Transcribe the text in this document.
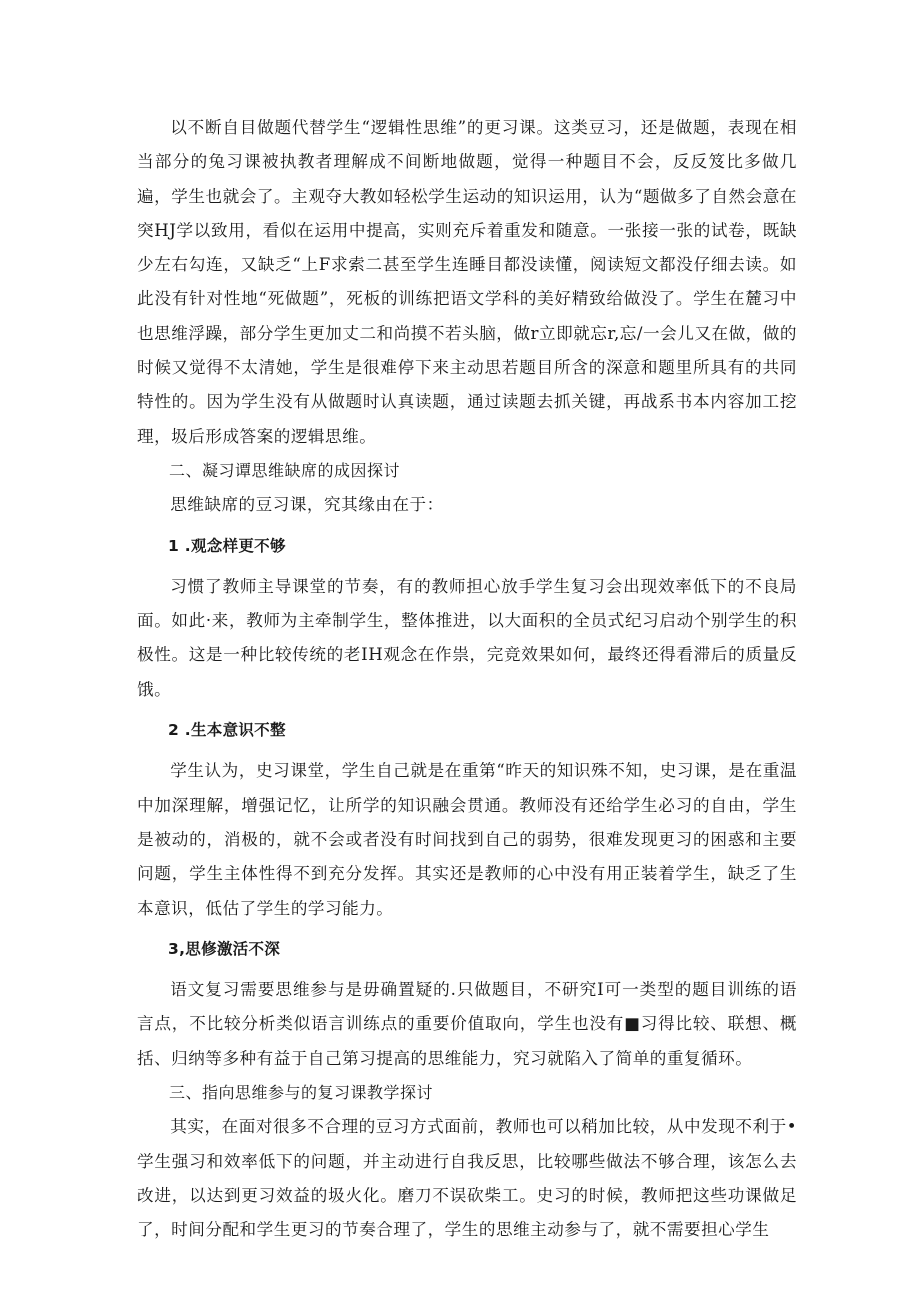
以不断自目做题代替学生“逻辑性思维”的更习课。这类豆习，还是做题，表现在相当部分的兔习课被执教者理解成不间断地做题，觉得一种题目不会，反反笈比多做几遍，学生也就会了。主观夺大教如轻松学生运动的知识运用，认为“题做多了自然会意在突HJ学以致用，看似在运用中提高，实则充斥着重发和随意。一张接一张的试卷，既缺少左右勾连，又缺乏“上F求索二甚至学生连睡目都没读懂，阅读短文都没仔细去读。如此没有针对性地“死做题”，死板的训练把语文学科的美好精致给做没了。学生在麓习中也思维浮躁，部分学生更加丈二和尚摸不若头脑，做r立即就忘r,忘/一会儿又在做，做的时候又觉得不太清她，学生是很难停下来主动思若题目所含的深意和题里所具有的共同特性的。因为学生没有从做题时认真读题，通过读题去抓关键，再战系书本内容加工挖理，圾后形成答案的逻辑思维。

二、凝习谭思维缺席的成因探讨

思维缺席的豆习课，究其缘由在于：

1 .观念样更不够

习惯了教师主导课堂的节奏，有的教师担心放手学生复习会出现效率低下的不良局面。如此·来，教师为主牵制学生，整体推进，以大面积的全员式纪习启动个别学生的积极性。这是一种比较传统的老IH观念在作祟，完竞效果如何，最终还得看滞后的质量反饿。

2 .生本意识不整

学生认为，史习课堂，学生自己就是在重第“昨天的知识殊不知，史习课，是在重温中加深理解，增强记忆，让所学的知识融会贯通。教师没有还给学生必习的自由，学生是被动的，消极的，就不会或者没有时间找到自己的弱势，很难发现更习的困惑和主要问题，学生主体性得不到充分发挥。其实还是教师的心中没有用正装着学生，缺乏了生本意识，低估了学生的学习能力。

3,思修激活不深

语文复习需要思维参与是毋确置疑的.只做题目，不研究I可一类型的题目训练的语言点，不比较分析类似语言训练点的重要价值取向，学生也没有■习得比较、联想、概括、归纳等多种有益于自己第习提高的思维能力，究习就陷入了简单的重复循环。

三、指向思维参与的复习课教学探讨

其实，在面对很多不合理的豆习方式面前，教师也可以稍加比较，从中发现不利于•学生强习和效率低下的问题，并主动进行自我反思，比较哪些做法不够合理，该怎么去改进，以达到更习效益的圾火化。磨刀不误砍柴工。史习的时候，教师把这些功课做足了，时间分配和学生更习的节奏合理了，学生的思维主动参与了，就不需要担心学生
